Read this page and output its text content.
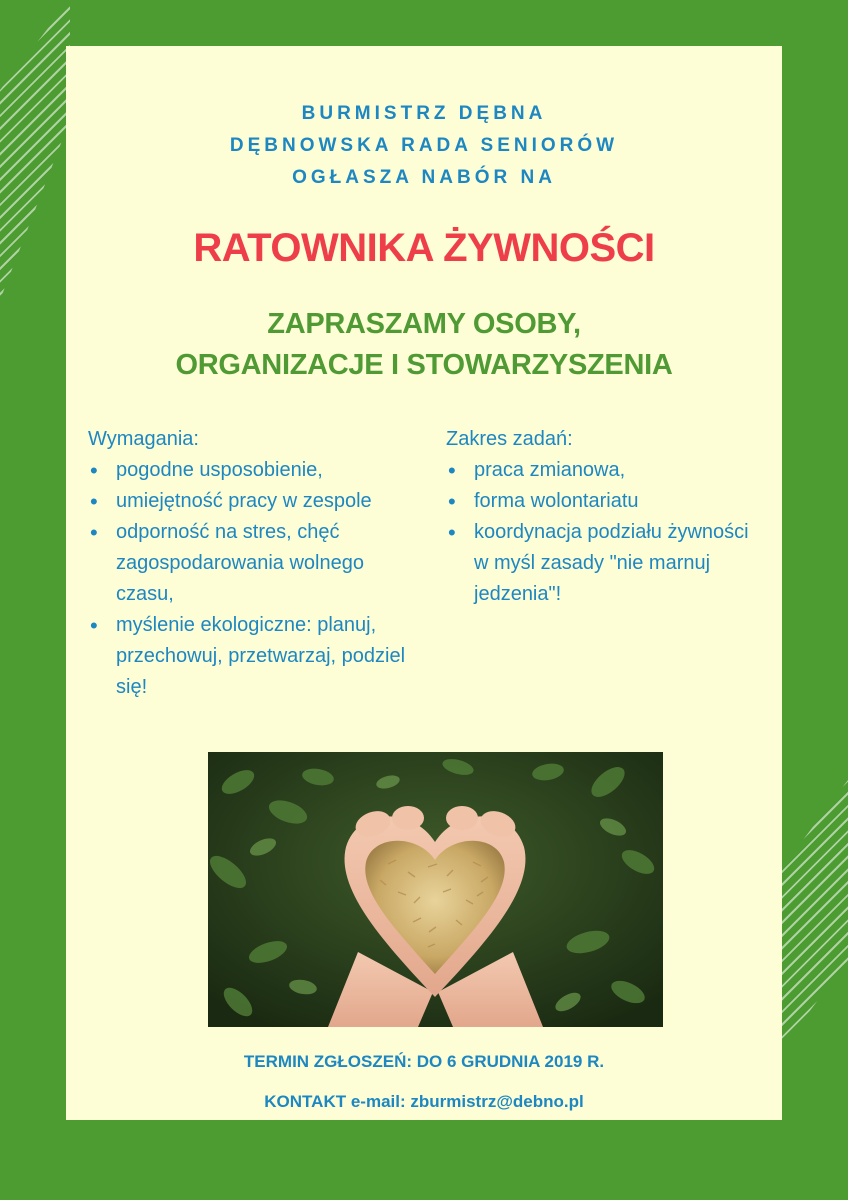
BURMISTRZ DĘBNA
DĘBNOWSKA RADA SENIORÓW
OGŁASZA NABÓR NA
RATOWNIKA ŻYWNOŚCI
ZAPRASZAMY OSOBY,
ORGANIZACJE I STOWARZYSZENIA
Wymagania:
• pogodne usposobienie,
• umiejętność pracy w zespole
• odporność na stres, chęć zagospodarowania wolnego czasu,
• myślenie ekologiczne: planuj, przechowuj, przetwarzaj, podziel się!
Zakres zadań:
• praca zmianowa,
• forma wolontariatu
• koordynacja podziału żywności w myśl zasady "nie marnuj jedzenia"!
TERMIN ZGŁOSZEŃ: DO 6 GRUDNIA 2019 R.
KONTAKT e-mail: zburmistrz@debno.pl
